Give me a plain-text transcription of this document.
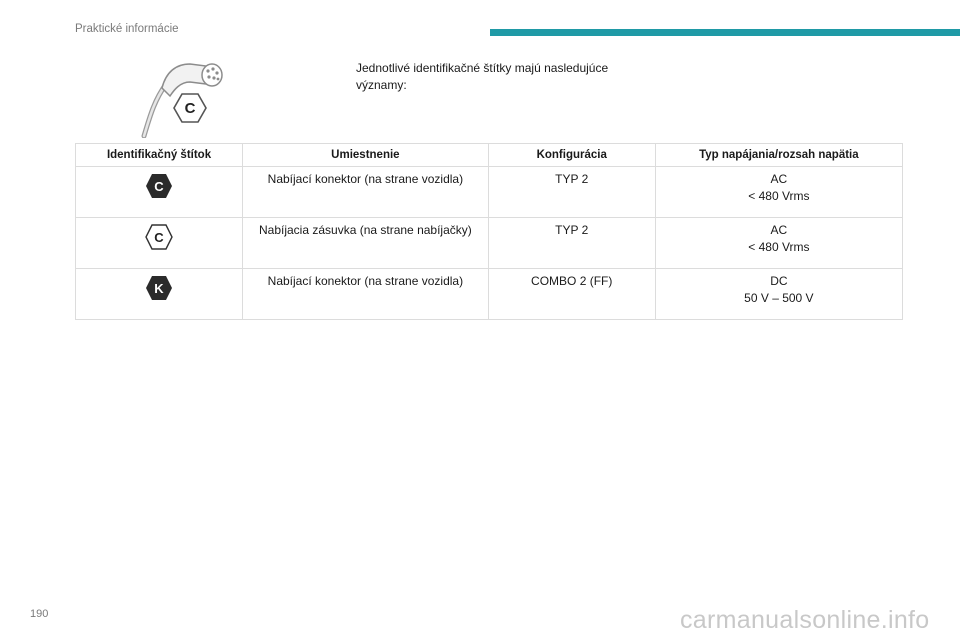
Praktické informácie
C
Jednotlivé identifikačné štítky majú nasledujúce významy:
Identifikačný štítok	Umiestnenie	Konfigurácia	Typ napájania/rozsah napätia

C	Nabíjací konektor (na strane vozidla)	TYP 2	AC
< 480 Vrms

C	Nabíjacia zásuvka (na strane nabíjačky)	TYP 2	AC
< 480 Vrms

K	Nabíjací konektor (na strane vozidla)	COMBO 2 (FF)	DC
50 V – 500 V
190	carmanualsonline.info
